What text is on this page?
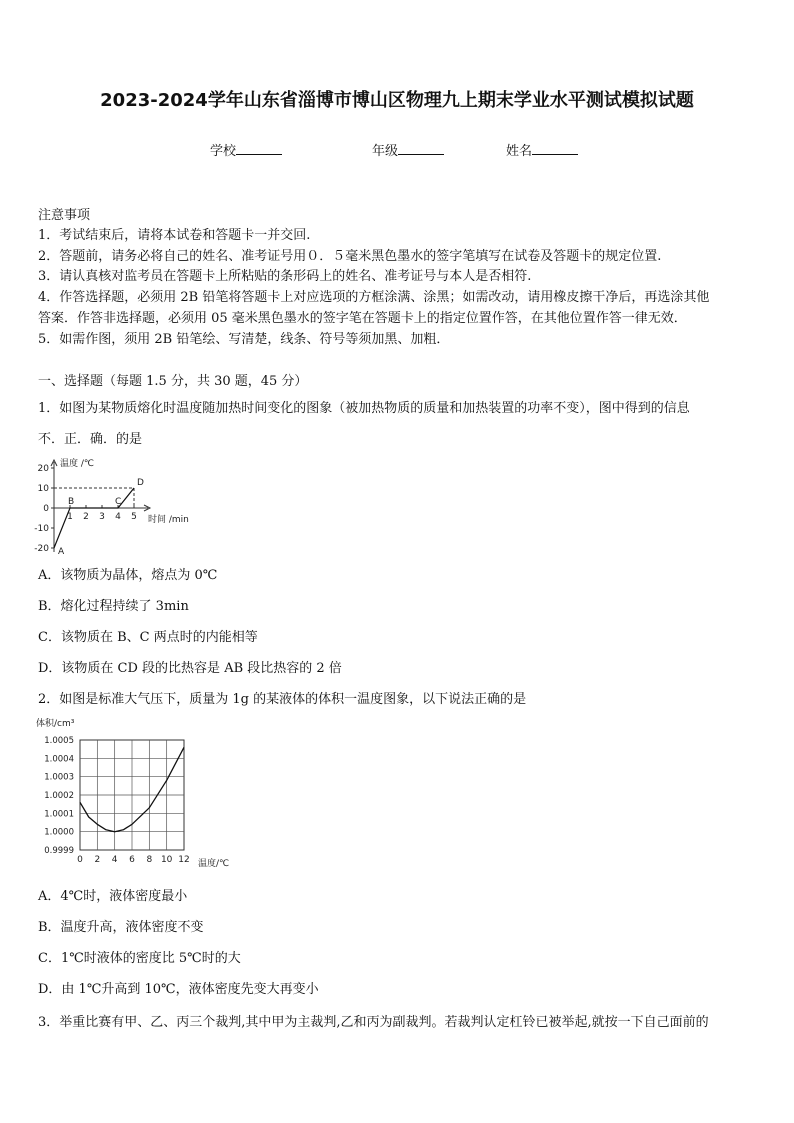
2023-2024学年山东省淄博市博山区物理九上期末学业水平测试模拟试题
学校	年级	姓名
注意事项
1．考试结束后，请将本试卷和答题卡一并交回.
2．答题前，请务必将自己的姓名、准考证号用０．５毫米黑色墨水的签字笔填写在试卷及答题卡的规定位置.
3．请认真核对监考员在答题卡上所粘贴的条形码上的姓名、准考证号与本人是否相符.
4．作答选择题，必须用 2B 铅笔将答题卡上对应选项的方框涂满、涂黑；如需改动，请用橡皮擦干净后，再选涂其他
答案．作答非选择题，必须用 05 毫米黑色墨水的签字笔在答题卡上的指定位置作答，在其他位置作答一律无效．
5．如需作图，须用 2B 铅笔绘、写清楚，线条、符号等须加黑、加粗．
一、选择题（每题 1.5 分，共 30 题，45 分）
1．如图为某物质熔化时温度随加热时间变化的图象（被加热物质的质量和加热装置的功率不变），图中得到的信息
不．正．确．的是
温度 /℃
时间 /min
20
10
0
-10
-20
1 2 3 4 5
A
B	C
D
A．该物质为晶体，熔点为 0℃
B．熔化过程持续了 3min
C．该物质在 B、C 两点时的内能相等
D．该物质在 CD 段的比热容是 AB 段比热容的 2 倍
2．如图是标准大气压下，质量为 1g 的某液体的体积一温度图象，以下说法正确的是
体积/cm³
1.0005
1.0004
1.0003
1.0002
1.0001
1.0000
0.9999
0 2 4 6 8 10 12 温度/℃
A．4℃时，液体密度最小
B．温度升高，液体密度不变
C．1℃时液体的密度比 5℃时的大
D．由 1℃升高到 10℃，液体密度先变大再变小
3．举重比赛有甲、乙、丙三个裁判,其中甲为主裁判,乙和丙为副裁判。若裁判认定杠铃已被举起,就按一下自己面前的
